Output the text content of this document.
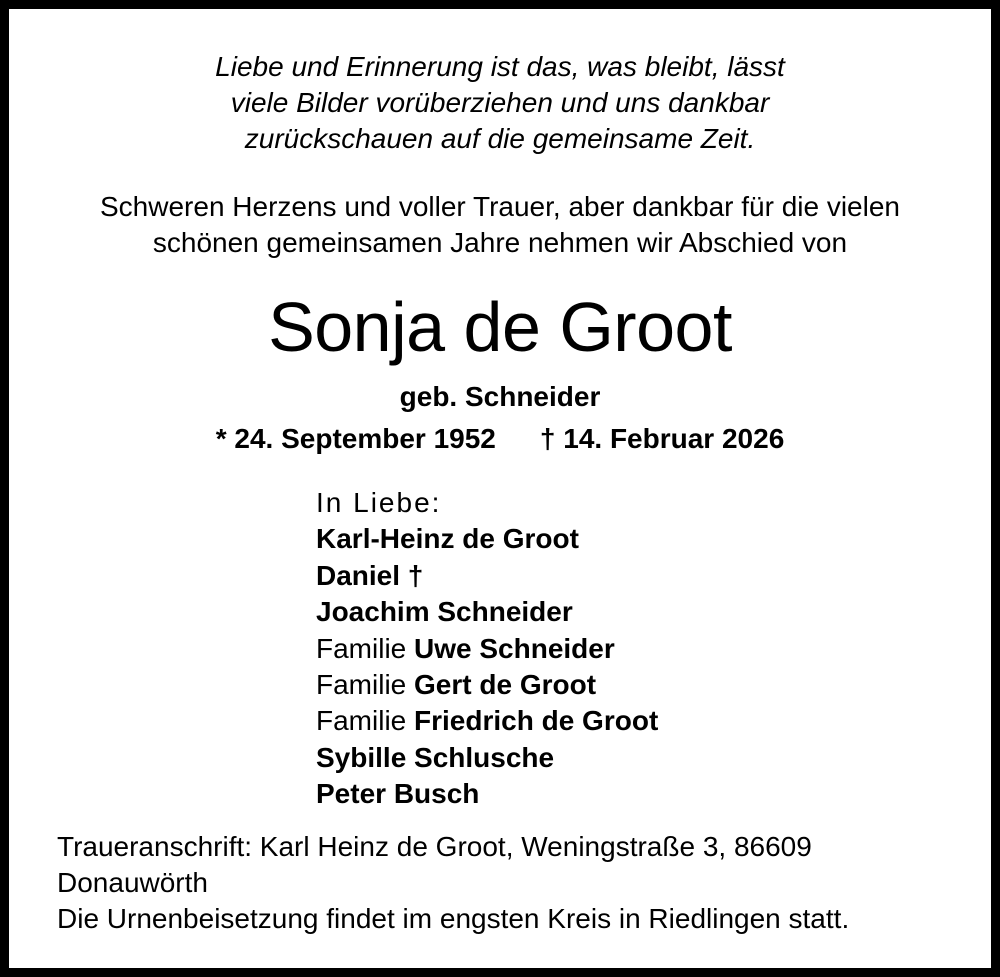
Liebe und Erinnerung ist das, was bleibt, lässt
viele Bilder vorüberziehen und uns dankbar
zurückschauen auf die gemeinsame Zeit.
Schweren Herzens und voller Trauer, aber dankbar für die vielen
schönen gemeinsamen Jahre nehmen wir Abschied von
Sonja de Groot
geb. Schneider
* 24. September 1952 † 14. Februar 2026
In Liebe:
Karl-Heinz de Groot
Daniel †
Joachim Schneider
Familie Uwe Schneider
Familie Gert de Groot
Familie Friedrich de Groot
Sybille Schlusche
Peter Busch
Traueranschrift: Karl Heinz de Groot, Weningstraße 3, 86609
Donauwörth
Die Urnenbeisetzung findet im engsten Kreis in Riedlingen statt.
